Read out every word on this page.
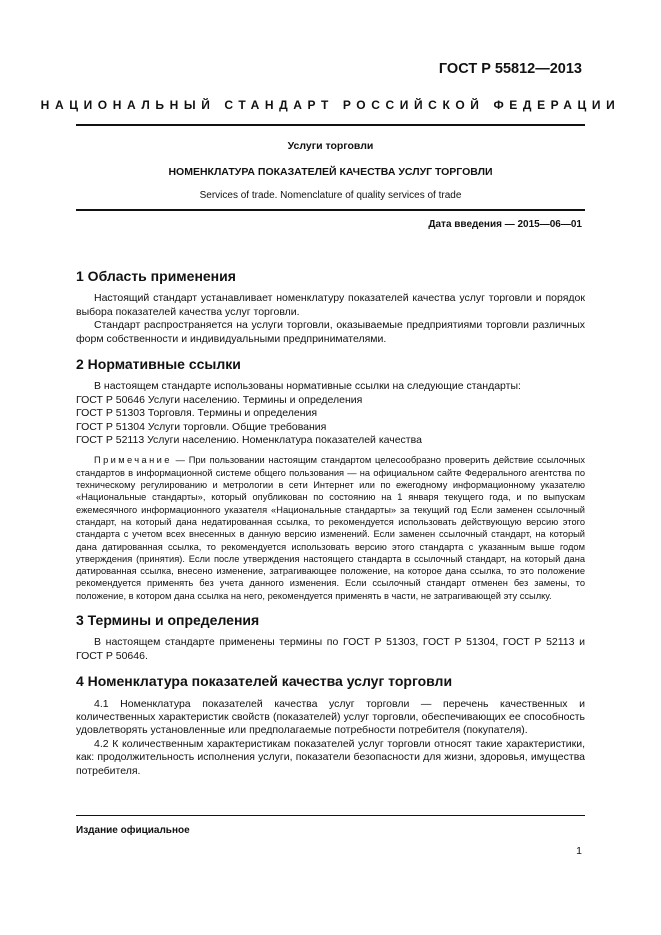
ГОСТ Р 55812—2013
НАЦИОНАЛЬНЫЙ СТАНДАРТ РОССИЙСКОЙ ФЕДЕРАЦИИ
Услуги торговли
НОМЕНКЛАТУРА ПОКАЗАТЕЛЕЙ КАЧЕСТВА УСЛУГ ТОРГОВЛИ
Services of trade. Nomenclature of quality services of trade
Дата введения — 2015—06—01
1 Область применения

Настоящий стандарт устанавливает номенклатуру показателей качества услуг торговли и порядок выбора показателей качества услуг торговли.

Стандарт распространяется на услуги торговли, оказываемые предприятиями торговли различных форм собственности и индивидуальными предпринимателями.

2 Нормативные ссылки

В настоящем стандарте использованы нормативные ссылки на следующие стандарты:

ГОСТ Р 50646 Услуги населению. Термины и определения

ГОСТ Р 51303 Торговля. Термины и определения

ГОСТ Р 51304 Услуги торговли. Общие требования

ГОСТ Р 52113 Услуги населению. Номенклатура показателей качества

Примечание — При пользовании настоящим стандартом целесообразно проверить действие ссылочных стандартов в информационной системе общего пользования — на официальном сайте Федерального агентства по техническому регулированию и метрологии в сети Интернет или по ежегодному информационному указателю «Национальные стандарты», который опубликован по состоянию на 1 января текущего года, и по выпускам ежемесячного информационного указателя «Национальные стандарты» за текущий год Если заменен ссылочный стандарт, на который дана недатированная ссылка, то рекомендуется использовать действующую версию этого стандарта с учетом всех внесенных в данную версию изменений. Если заменен ссылочный стандарт, на который дана датированная ссылка, то рекомендуется использовать версию этого стандарта с указанным выше годом утверждения (принятия). Если после утверждения настоящего стандарта в ссылочный стандарт, на который дана датированная ссылка, внесено изменение, затрагивающее положение, на которое дана ссылка, то это положение рекомендуется применять без учета данного изменения. Если ссылочный стандарт отменен без замены, то положение, в котором дана ссылка на него, рекомендуется применять в части, не затрагивающей эту ссылку.

3 Термины и определения

В настоящем стандарте применены термины по ГОСТ Р 51303, ГОСТ Р 51304, ГОСТ Р 52113 и ГОСТ Р 50646.

4 Номенклатура показателей качества услуг торговли

4.1 Номенклатура показателей качества услуг торговли — перечень качественных и количественных характеристик свойств (показателей) услуг торговли, обеспечивающих ее способность удовлетворять установленные или предполагаемые потребности потребителя (покупателя).

4.2 К количественным характеристикам показателей услуг торговли относят такие характеристики, как: продолжительность исполнения услуги, показатели безопасности для жизни, здоровья, имущества потребителя.

Издание официальное
1
